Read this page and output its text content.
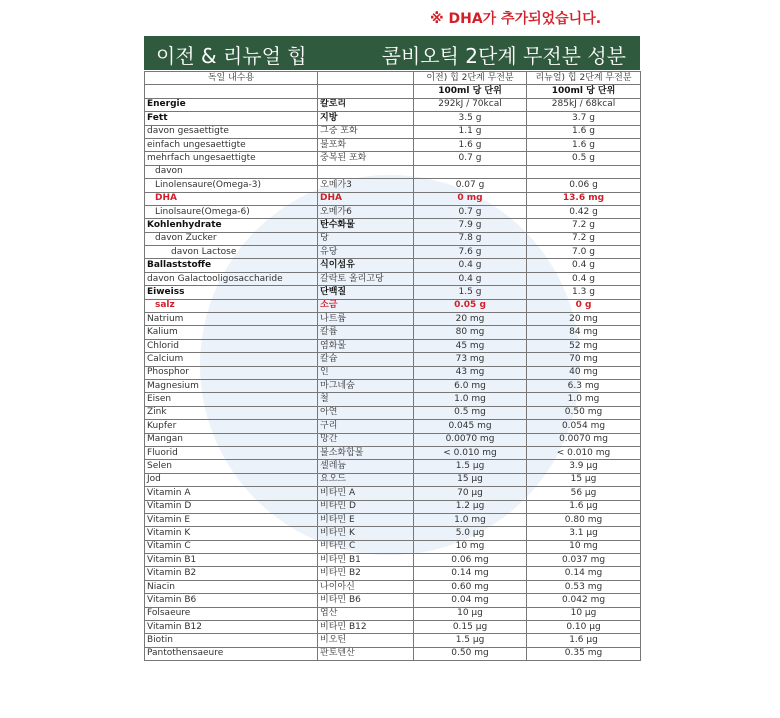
※ DHA가 추가되었습니다.
이전 & 리뉴얼 힙	콤비오틱 2단계 무전분 성분
독일 내수용		이전) 힙 2단계 무전분	리뉴얼) 힙 2단계 무전분
		100ml 당 단위	100ml 당 단위
Energie	칼로리	292kJ / 70kcal	285kJ / 68kcal
Fett	지방	3.5 g	3.7 g
davon gesaettigte	그중 포화	1.1 g	1.6 g
einfach ungesaettigte	불포화	1.6 g	1.6 g
mehrfach ungesaettigte	중복된 포화	0.7 g	0.5 g
davon			
Linolensaure(Omega-3)	오메가3	0.07 g	0.06 g
DHA	DHA	0 mg	13.6 mg
Linolsaure(Omega-6)	오메가6	0.7 g	0.42 g
Kohlenhydrate	탄수화물	7.9 g	7.2 g
davon Zucker	당	7.8 g	7.2 g
davon Lactose	유당	7.6 g	7.0 g
Ballaststoffe	식이섬유	0.4 g	0.4 g
davon Galactooligosaccharide	갈락토 올리고당	0.4 g	0.4 g
Eiweiss	단백질	1.5 g	1.3 g
salz	소금	0.05 g	0 g
Natrium	나트륨	20 mg	20 mg
Kalium	칼륨	80 mg	84 mg
Chlorid	염화물	45 mg	52 mg
Calcium	칼슘	73 mg	70 mg
Phosphor	인	43 mg	40 mg
Magnesium	마그네슘	6.0 mg	6.3 mg
Eisen	철	1.0 mg	1.0 mg
Zink	아연	0.5 mg	0.50 mg
Kupfer	구리	0.045 mg	0.054 mg
Mangan	망간	0.0070 mg	0.0070 mg
Fluorid	불소화합물	< 0.010 mg	< 0.010 mg
Selen	셀레늄	1.5 µg	3.9 µg
Jod	요오드	15 µg	15 µg
Vitamin A	비타민 A	70 µg	56 µg
Vitamin D	비타민 D	1.2 µg	1.6 µg
Vitamin E	비타민 E	1.0 mg	0.80 mg
Vitamin K	비타민 K	5.0 µg	3.1 µg
Vitamin C	비타민 C	10 mg	10 mg
Vitamin B1	비타민 B1	0.06 mg	0.037 mg
Vitamin B2	비타민 B2	0.14 mg	0.14 mg
Niacin	나이아신	0.60 mg	0.53 mg
Vitamin B6	비타민 B6	0.04 mg	0.042 mg
Folsaeure	엽산	10 µg	10 µg
Vitamin B12	비타민 B12	0.15 µg	0.10 µg
Biotin	비오틴	1.5 µg	1.6 µg
Pantothensaeure	판토텐산	0.50 mg	0.35 mg
